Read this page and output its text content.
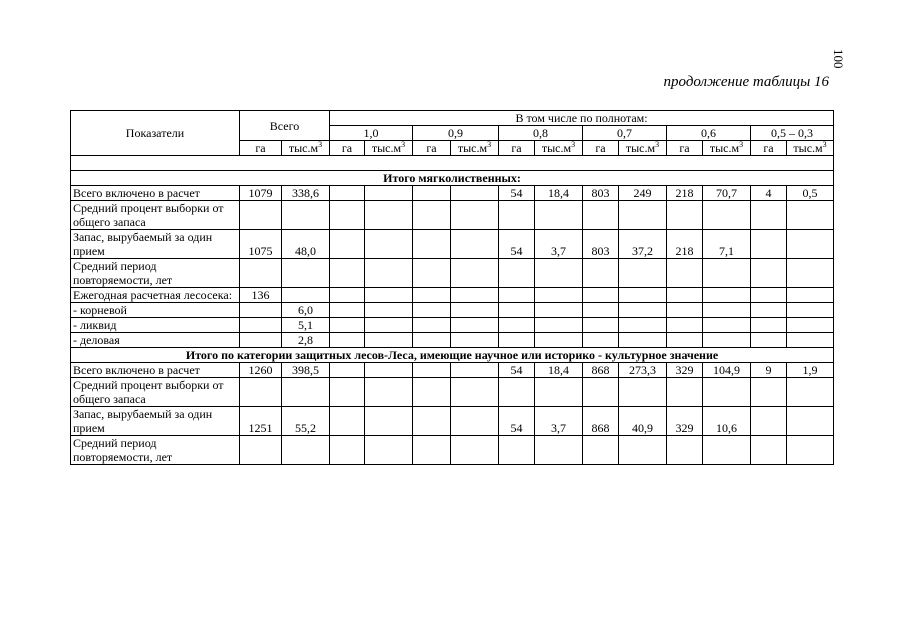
100
продолжение таблицы 16
Показатели	Всего		В том числе по полнотам:											
			1,0		0,9		0,8		0,7		0,6		0,5 – 0,3	
	га	$тыс.м^3$	га	$тыс.м^3$	га	$тыс.м^3$	га	$тыс.м^3$	га	$тыс.м^3$	га	$тыс.м^3$	га	$тыс.м^3$

Итого мягколиственных:														
Всего включено в расчет	1079	338,6					54	18,4	803	249	218	70,7	4	0,5
Средний процент выборки от общего запаса														
Запас, вырубаемый за один прием	1075	48,0					54	3,7	803	37,2	218	7,1		
Средний период повторяемости, лет														
Ежегодная расчетная лесосека:	136													
- корневой		6,0												
- ликвид		5,1												
- деловая		2,8												
Итого по категории защитных лесов-Леса, имеющие научное или историко - культурное значение														
Всего включено в расчет	1260	398,5					54	18,4	868	273,3	329	104,9	9	1,9
Средний процент выборки от общего запаса														
Запас, вырубаемый за один прием	1251	55,2					54	3,7	868	40,9	329	10,6		
Средний период повторяемости, лет														
